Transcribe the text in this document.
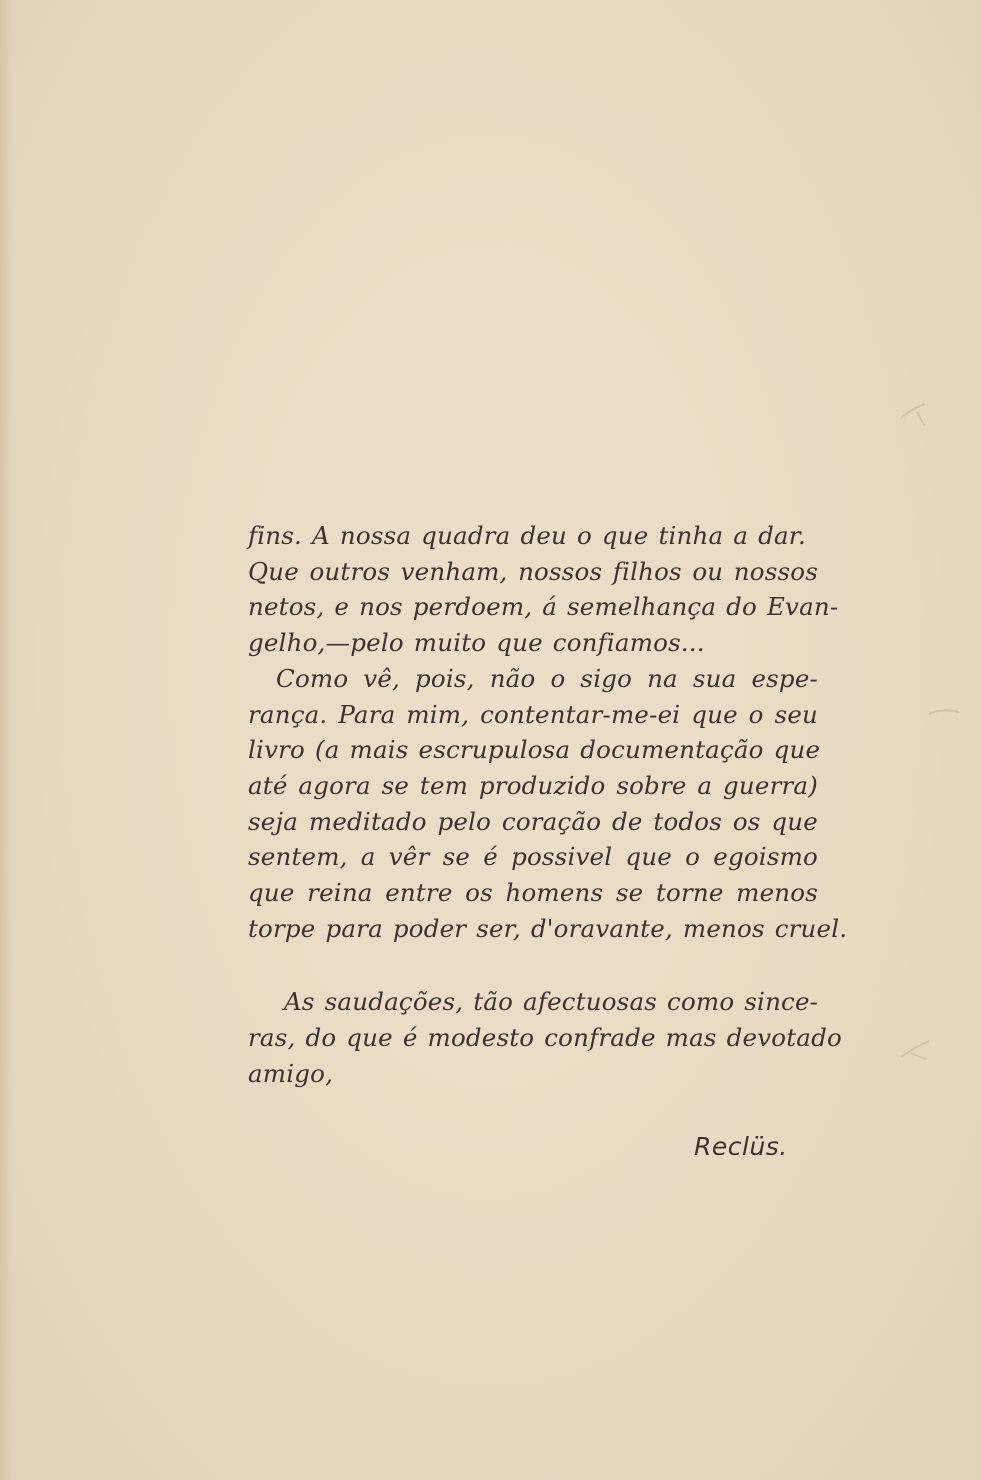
fins. A nossa quadra deu o que tinha a dar.
Que outros venham, nossos filhos ou nossos
netos, e nos perdoem, á semelhança do Evan-
gelho,—pelo muito que confiamos...
Como vê, pois, não o sigo na sua espe-
rança. Para mim, contentar-me-ei que o seu
livro (a mais escrupulosa documentação que
até agora se tem produzido sobre a guerra)
seja meditado pelo coração de todos os que
sentem, a vêr se é possivel que o egoismo
que reina entre os homens se torne menos
torpe para poder ser, d'oravante, menos cruel.
As saudações, tão afectuosas como since-
ras, do que é modesto confrade mas devotado
amigo,
Reclüs.
